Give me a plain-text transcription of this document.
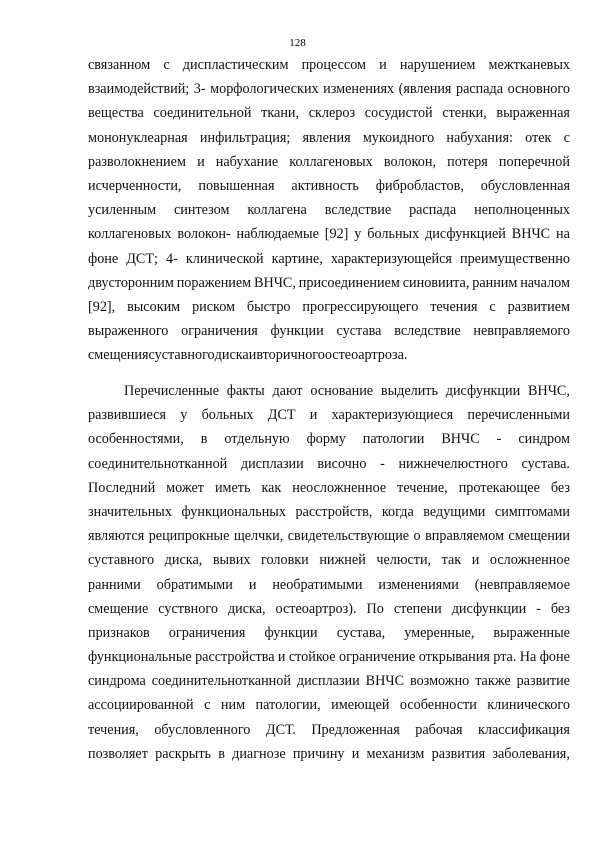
128
связанном с диспластическим процессом и нарушением межтканевых
взаимодействий; 3- морфологических изменениях (явления распада основного
вещества соединительной ткани, склероз сосудистой стенки, выраженная
мононуклеарная инфильтрация; явления мукоидного набухания: отек с
разволокнением и набухание коллагеновых волокон, потеря поперечной
исчерченности, повышенная активность фибробластов, обусловленная
усиленным синтезом коллагена вследствие распада неполноценных
коллагеновых волокон- наблюдаемые [92] у больных дисфункцией ВНЧС на
фоне ДСТ; 4- клинической картине, характеризующейся преимущественно
двусторонним поражением ВНЧС, присоединением синовиита, ранним началом
[92], высоким риском быстро прогрессирующего течения с развитием
выраженного ограничения функции сустава вследствие невправляемого
смещения суставного диска и вторичного остеоартроза.
Перечисленные факты дают основание выделить дисфункции ВНЧС,
развившиеся у больных ДСТ и характеризующиеся перечисленными
особенностями, в отдельную форму патологии ВНЧС - синдром
соединительнотканной дисплазии височно - нижнечелюстного сустава.
Последний может иметь как неосложненное течение, протекающее без
значительных функциональных расстройств, когда ведущими симптомами
являются реципрокные щелчки, свидетельствующие о вправляемом смещении
суставного диска, вывих головки нижней челюсти, так и осложненное
ранними обратимыми и необратимыми изменениями (невправляемое
смещение суствного диска, остеоартроз). По степени дисфункции - без
признаков ограничения функции сустава, умеренные, выраженные
функциональные расстройства и стойкое ограничение открывания рта. На фоне
синдрома соединительнотканной дисплазии ВНЧС возможно также развитие
ассоциированной с ним патологии, имеющей особенности клинического
течения, обусловленного ДСТ. Предложенная рабочая классификация
позволяет раскрыть в диагнозе причину и механизм развития заболевания,
